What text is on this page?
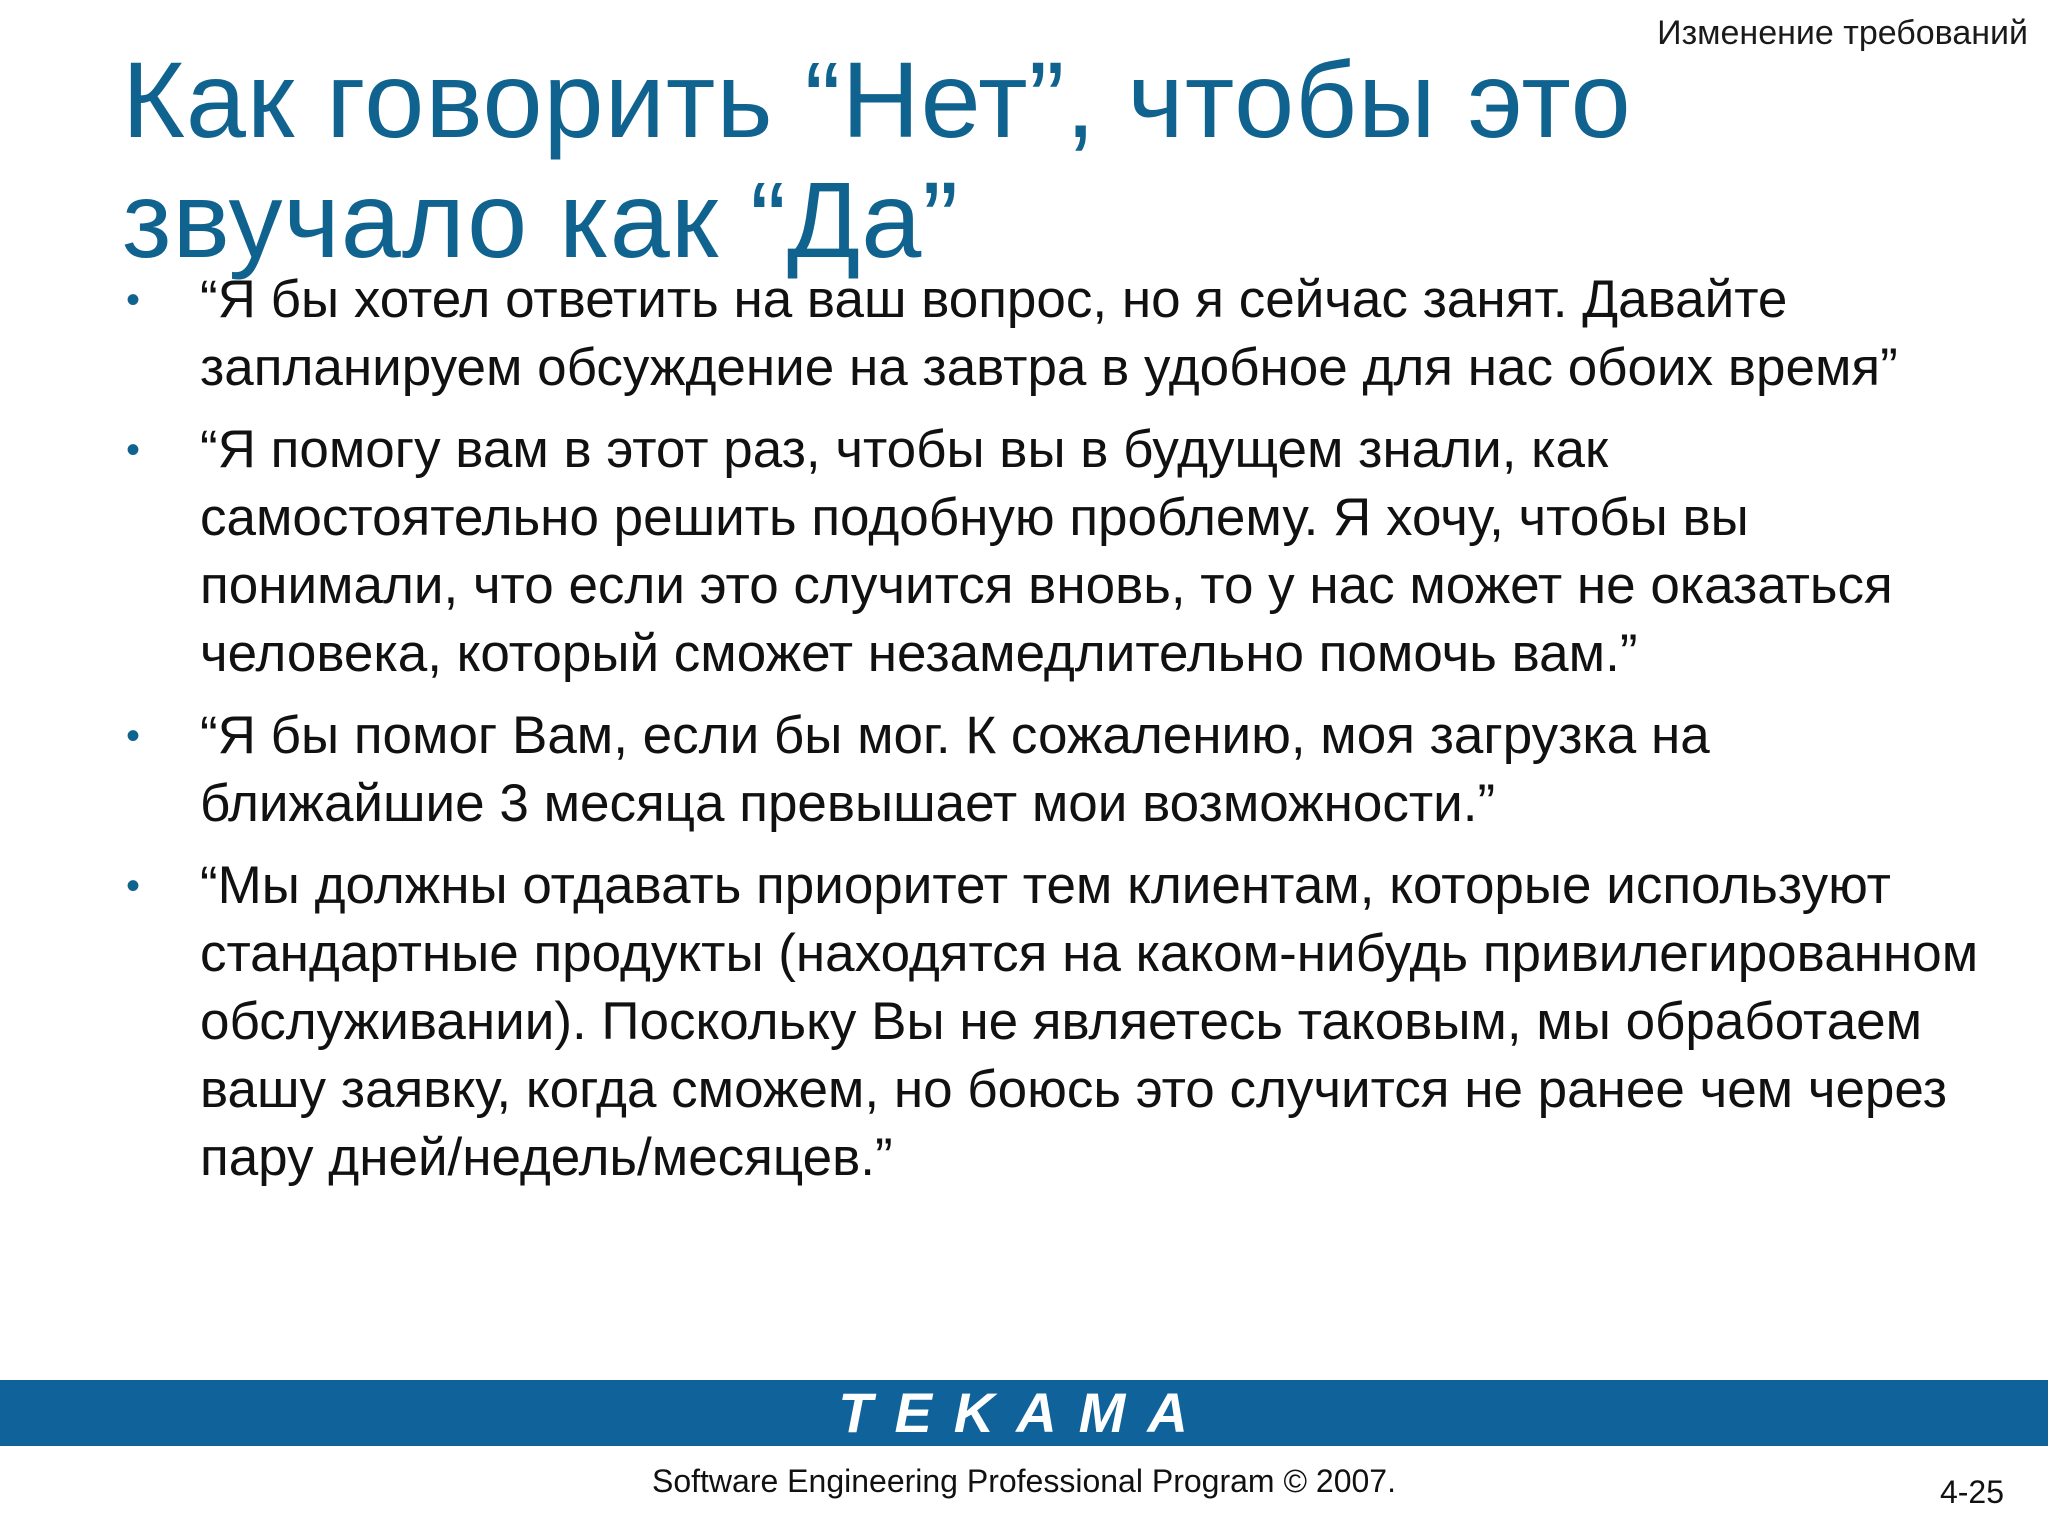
Изменение требований
Как говорить “Нет”, чтобы это звучало как “Да”
• “Я бы хотел ответить на ваш вопрос, но я сейчас занят. Давайте запланируем обсуждение на завтра в удобное для нас обоих время”
• “Я помогу вам в этот раз, чтобы вы в будущем знали, как самостоятельно решить подобную проблему. Я хочу, чтобы вы понимали, что если это случится вновь, то у нас может не оказаться человека, который сможет незамедлительно помочь вам.”
• “Я бы помог Вам, если бы мог. К сожалению, моя загрузка на ближайшие 3 месяца превышает мои возможности.”
• “Мы должны отдавать приоритет тем клиентам, которые используют стандартные продукты (находятся на каком-нибудь привилегированном обслуживании). Поскольку Вы не являетесь таковым, мы обработаем вашу заявку, когда сможем, но боюсь это случится не ранее чем через пару дней/недель/месяцев.”
TEKAMA
Software Engineering Professional Program © 2007.	4-25
